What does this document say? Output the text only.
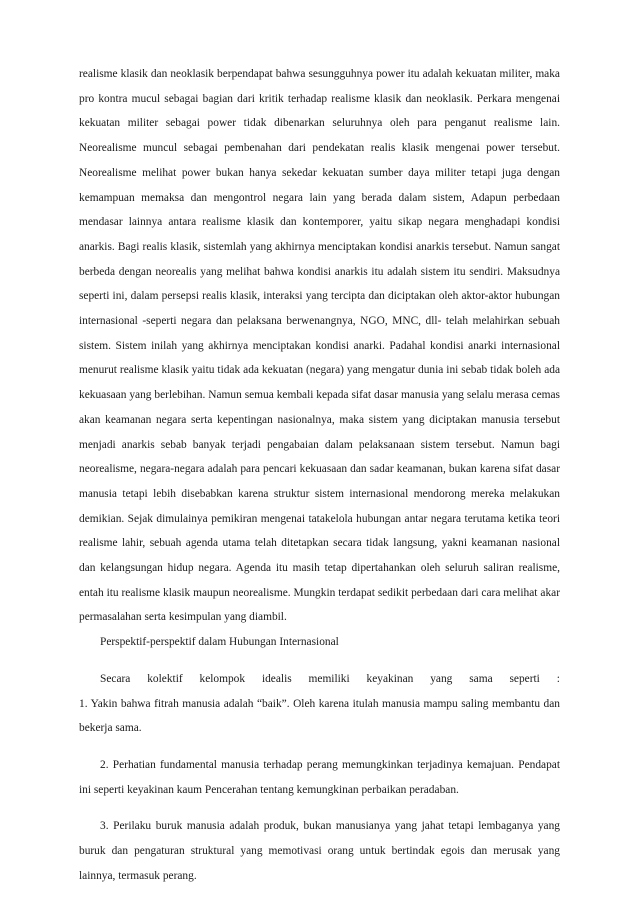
realisme klasik dan neoklasik berpendapat bahwa sesungguhnya power itu adalah kekuatan militer, maka pro kontra mucul sebagai bagian dari kritik terhadap realisme klasik dan neoklasik. Perkara mengenai kekuatan militer sebagai power tidak dibenarkan seluruhnya oleh para penganut realisme lain. Neorealisme muncul sebagai pembenahan dari pendekatan realis klasik mengenai power tersebut. Neorealisme melihat power bukan hanya sekedar kekuatan sumber daya militer tetapi juga dengan kemampuan memaksa dan mengontrol negara lain yang berada dalam sistem, Adapun perbedaan mendasar lainnya antara realisme klasik dan kontemporer, yaitu sikap negara menghadapi kondisi anarkis. Bagi realis klasik, sistemlah yang akhirnya menciptakan kondisi anarkis tersebut. Namun sangat berbeda dengan neorealis yang melihat bahwa kondisi anarkis itu adalah sistem itu sendiri. Maksudnya seperti ini, dalam persepsi realis klasik, interaksi yang tercipta dan diciptakan oleh aktor-aktor hubungan internasional -seperti negara dan pelaksana berwenangnya, NGO, MNC, dll- telah melahirkan sebuah sistem. Sistem inilah yang akhirnya menciptakan kondisi anarki. Padahal kondisi anarki internasional menurut realisme klasik yaitu tidak ada kekuatan (negara) yang mengatur dunia ini sebab tidak boleh ada kekuasaan yang berlebihan. Namun semua kembali kepada sifat dasar manusia yang selalu merasa cemas akan keamanan negara serta kepentingan nasionalnya, maka sistem yang diciptakan manusia tersebut menjadi anarkis sebab banyak terjadi pengabaian dalam pelaksanaan sistem tersebut. Namun bagi neorealisme, negara-negara adalah para pencari kekuasaan dan sadar keamanan, bukan karena sifat dasar manusia tetapi lebih disebabkan karena struktur sistem internasional mendorong mereka melakukan demikian. Sejak dimulainya pemikiran mengenai tatakelola hubungan antar negara terutama ketika teori realisme lahir, sebuah agenda utama telah ditetapkan secara tidak langsung, yakni keamanan nasional dan kelangsungan hidup negara. Agenda itu masih tetap dipertahankan oleh seluruh saliran realisme, entah itu realisme klasik maupun neorealisme. Mungkin terdapat sedikit perbedaan dari cara melihat akar permasalahan serta kesimpulan yang diambil.

Perspektif-perspektif dalam Hubungan Internasional

Secara kolektif kelompok idealis memiliki keyakinan yang sama seperti :

1. Yakin bahwa fitrah manusia adalah “baik”. Oleh karena itulah manusia mampu saling membantu dan bekerja sama.

2. Perhatian fundamental manusia terhadap perang memungkinkan terjadinya kemajuan. Pendapat ini seperti keyakinan kaum Pencerahan tentang kemungkinan perbaikan peradaban.

3. Perilaku buruk manusia adalah produk, bukan manusianya yang jahat tetapi lembaganya yang buruk dan pengaturan struktural yang memotivasi orang untuk bertindak egois dan merusak yang lainnya, termasuk perang.
